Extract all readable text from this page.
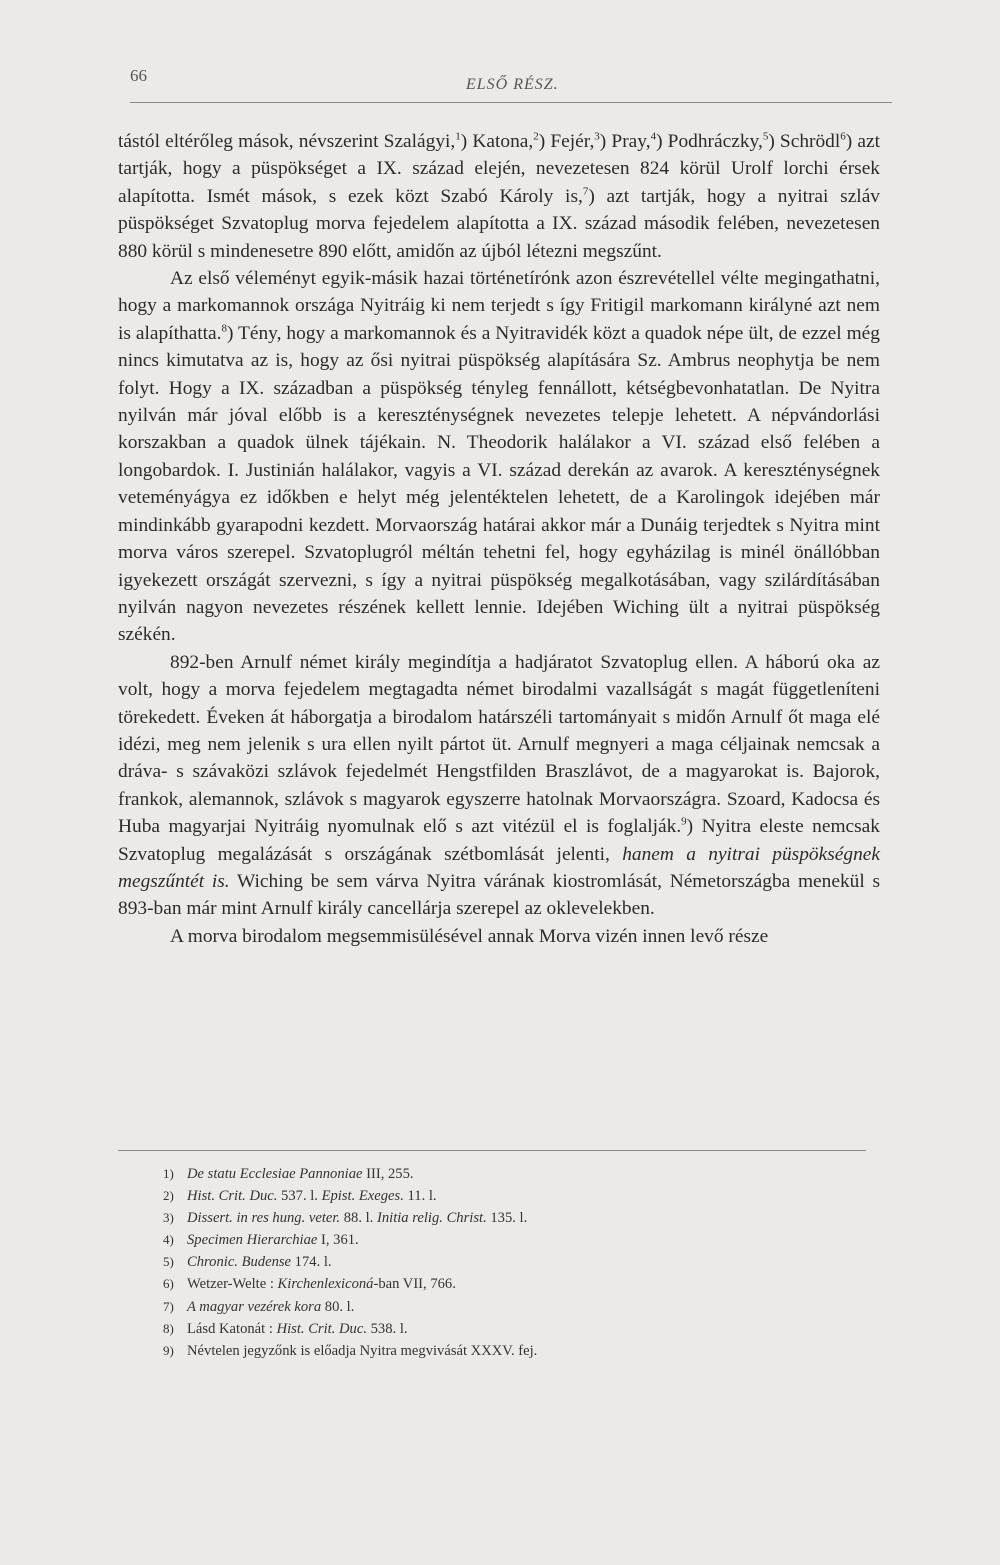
66	ELSŐ RÉSZ.

tástól eltérőleg mások, névszerint Szalágyi,$^1$) Katona,$^2$) Fejér,$^3$) Pray,$^4$) Podhráczky,$^5$) Schrödl$^6$) azt tartják, hogy a püspökséget a IX. század elején, nevezetesen 824 körül Urolf lorchi érsek alapította. Ismét mások, s ezek közt Szabó Károly is,$^7$) azt tartják, hogy a nyitrai szláv püspökséget Szvatoplug morva fejedelem alapította a IX. század második felében, nevezetesen 880 körül s mindenesetre 890 előtt, amidőn az újból létezni megszűnt.

Az első véleményt egyik-másik hazai történetírónk azon észrevétellel vélte megingathatni, hogy a markomannok országa Nyitráig ki nem terjedt s így Fritigil markomann királyné azt nem is alapíthatta.$^8$) Tény, hogy a markomannok és a Nyitravidék közt a quadok népe ült, de ezzel még nincs kimutatva az is, hogy az ősi nyitrai püspökség alapítására Sz. Ambrus neophytja be nem folyt. Hogy a IX. században a püspökség tényleg fennállott, kétségbevonhatatlan. De Nyitra nyilván már jóval előbb is a kereszténységnek nevezetes telepje lehetett. A népvándorlási korszakban a quadok ülnek tájékain. N. Theodorik halálakor a VI. század első felében a longobardok. I. Justinián halálakor, vagyis a VI. század derekán az avarok. A kereszténységnek veteményágya ez időkben e helyt még jelentéktelen lehetett, de a Karolingok idejében már mindinkább gyarapodni kezdett. Morvaország határai akkor már a Dunáig terjedtek s Nyitra mint morva város szerepel. Szvatoplugról méltán tehetni fel, hogy egyházilag is minél önállóbban igyekezett országát szervezni, s így a nyitrai püspökség megalkotásában, vagy szilárdításában nyilván nagyon nevezetes részének kellett lennie. Idejében Wiching ült a nyitrai püspökség székén.

892-ben Arnulf német király megindítja a hadjáratot Szvatoplug ellen. A háború oka az volt, hogy a morva fejedelem megtagadta német birodalmi vazallságát s magát függetleníteni törekedett. Éveken át háborgatja a birodalom határszéli tartományait s midőn Arnulf őt maga elé idézi, meg nem jelenik s ura ellen nyilt pártot üt. Arnulf megnyeri a maga céljainak nemcsak a dráva- s szávaközi szlávok fejedelmét Hengstfilden Braszlávot, de a magyarokat is. Bajorok, frankok, alemannok, szlávok s magyarok egyszerre hatolnak Morvaországra. Szoard, Kadocsa és Huba magyarjai Nyitráig nyomulnak elő s azt vitézül el is foglalják.$^9$) Nyitra eleste nemcsak Szvatoplug megalázását s országának szétbomlását jelenti, hanem a nyitrai püspökségnek megszűntét is. Wiching be sem várva Nyitra várának kiostromlását, Németországba menekül s 893-ban már mint Arnulf király cancellárja szerepel az oklevelekben.

A morva birodalom megsemmisülésével annak Morva vizén innen levő része

1) De statu Ecclesiae Pannoniae III, 255.
2) Hist. Crit. Duc. 537. l. Epist. Exeges. 11. l.
3) Dissert. in res hung. veter. 88. l. Initia relig. Christ. 135. l.
4) Specimen Hierarchiae I, 361.
5) Chronic. Budense 174. l.
6) Wetzer-Welte : Kirchenlexiconá-ban VII, 766.
7) A magyar vezérek kora 80. l.
8) Lásd Katonát : Hist. Crit. Duc. 538. l.
9) Névtelen jegyzőnk is előadja Nyitra megvivását XXXV. fej.
